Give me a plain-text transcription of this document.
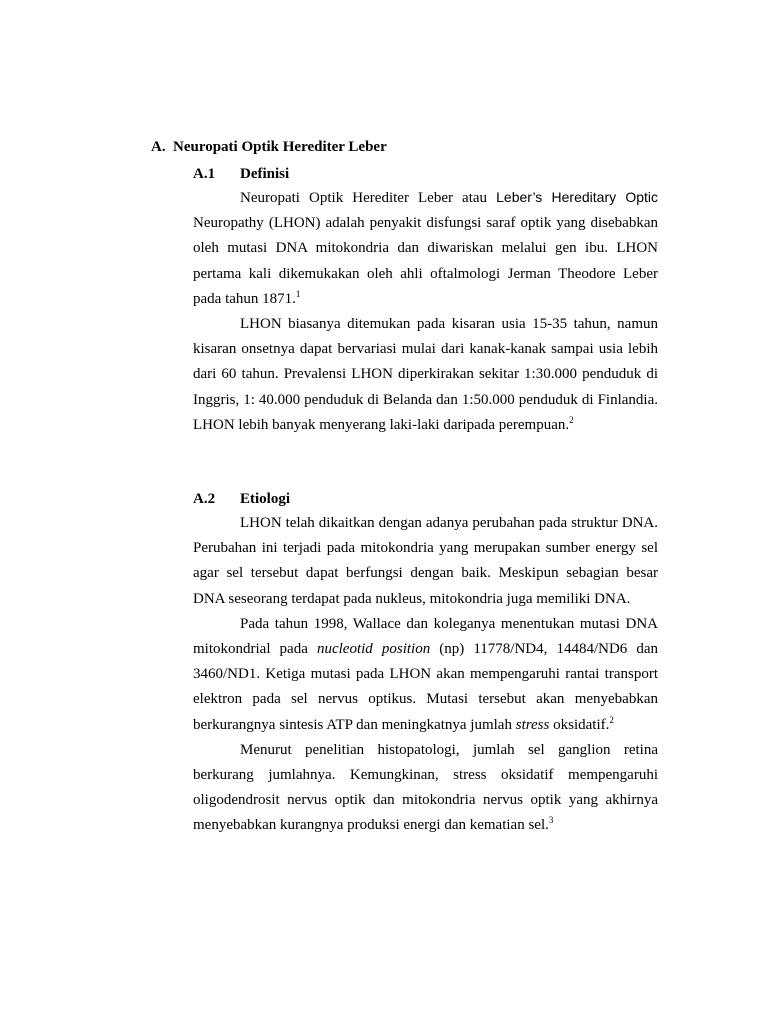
A. Neuropati Optik Herediter Leber
A.1 Definisi

Neuropati Optik Herediter Leber atau Leber’s Hereditary Optic Neuropathy (LHON) adalah penyakit disfungsi saraf optik yang disebabkan oleh mutasi DNA mitokondria dan diwariskan melalui gen ibu. LHON pertama kali dikemukakan oleh ahli oftalmologi Jerman Theodore Leber pada tahun 1871.$^1$

LHON biasanya ditemukan pada kisaran usia 15-35 tahun, namun kisaran onsetnya dapat bervariasi mulai dari kanak-kanak sampai usia lebih dari 60 tahun. Prevalensi LHON diperkirakan sekitar 1:30.000 penduduk di Inggris, 1: 40.000 penduduk di Belanda dan 1:50.000 penduduk di Finlandia. LHON lebih banyak menyerang laki-laki daripada perempuan.$^2$

A.2 Etiologi

LHON telah dikaitkan dengan adanya perubahan pada struktur DNA. Perubahan ini terjadi pada mitokondria yang merupakan sumber energy sel agar sel tersebut dapat berfungsi dengan baik. Meskipun sebagian besar DNA seseorang terdapat pada nukleus, mitokondria juga memiliki DNA.

Pada tahun 1998, Wallace dan koleganya menentukan mutasi DNA mitokondrial pada nucleotid position (np) 11778/ND4, 14484/ND6 dan 3460/ND1. Ketiga mutasi pada LHON akan mempengaruhi rantai transport elektron pada sel nervus optikus. Mutasi tersebut akan menyebabkan berkurangnya sintesis ATP dan meningkatnya jumlah stress oksidatif.$^2$

Menurut penelitian histopatologi, jumlah sel ganglion retina berkurang jumlahnya. Kemungkinan, stress oksidatif mempengaruhi oligodendrosit nervus optik dan mitokondria nervus optik yang akhirnya menyebabkan kurangnya produksi energi dan kematian sel.$^3$
